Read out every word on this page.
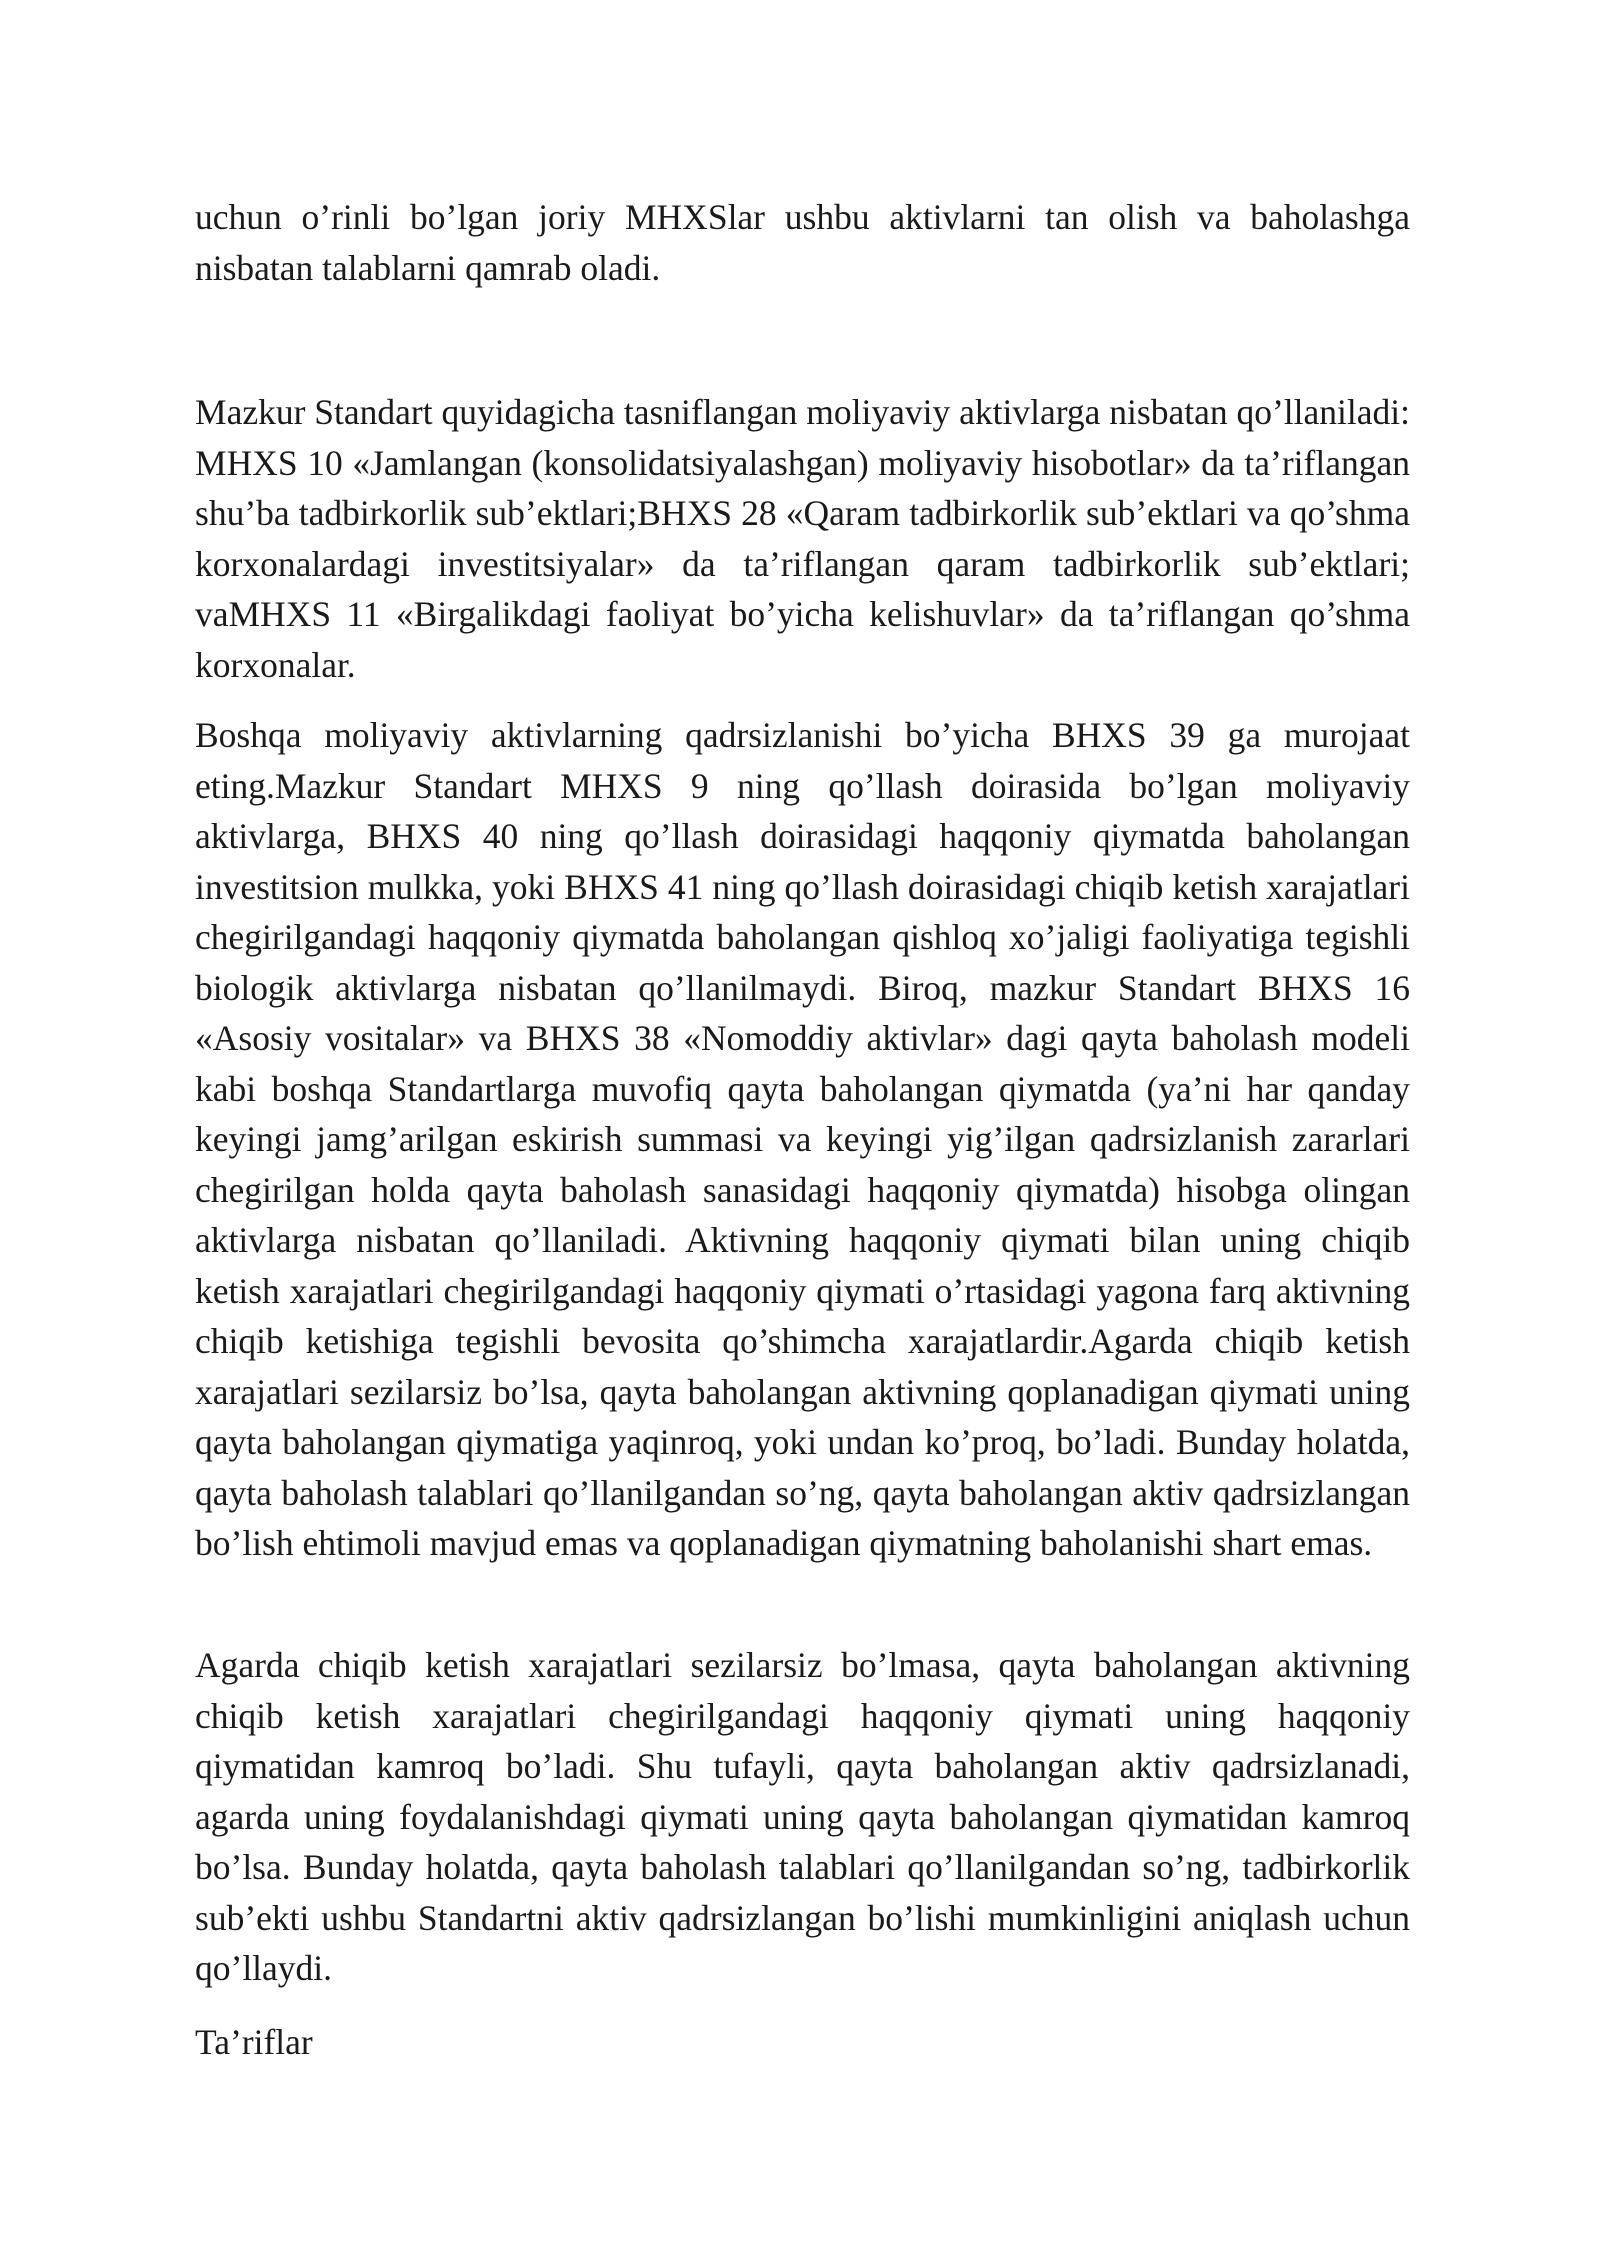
uchun o’rinli bo’lgan joriy MHXSlar ushbu aktivlarni tan olish va baholashga nisbatan talablarni qamrab oladi.

Mazkur Standart quyidagicha tasniflangan moliyaviy aktivlarga nisbatan qo’llaniladi: MHXS 10 «Jamlangan (konsolidatsiyalashgan) moliyaviy hisobotlar» da ta’riflangan shu’ba tadbirkorlik sub’ektlari;BHXS 28 «Qaram tadbirkorlik sub’ektlari va qo’shma korxonalardagi investitsiyalar» da ta’riflangan qaram tadbirkorlik sub’ektlari; vaMHXS 11 «Birgalikdagi faoliyat bo’yicha kelishuvlar» da ta’riflangan qo’shma korxonalar.

Boshqa moliyaviy aktivlarning qadrsizlanishi bo’yicha BHXS 39 ga murojaat eting.Mazkur Standart MHXS 9 ning qo’llash doirasida bo’lgan moliyaviy aktivlarga, BHXS 40 ning qo’llash doirasidagi haqqoniy qiymatda baholangan investitsion mulkka, yoki BHXS 41 ning qo’llash doirasidagi chiqib ketish xarajatlari chegirilgandagi haqqoniy qiymatda baholangan qishloq xo’jaligi faoliyatiga tegishli biologik aktivlarga nisbatan qo’llanilmaydi. Biroq, mazkur Standart BHXS 16 «Asosiy vositalar» va BHXS 38 «Nomoddiy aktivlar» dagi qayta baholash modeli kabi boshqa Standartlarga muvofiq qayta baholangan qiymatda (ya’ni har qanday keyingi jamg’arilgan eskirish summasi va keyingi yig’ilgan qadrsizlanish zararlari chegirilgan holda qayta baholash sanasidagi haqqoniy qiymatda) hisobga olingan aktivlarga nisbatan qo’llaniladi. Aktivning haqqoniy qiymati bilan uning chiqib ketish xarajatlari chegirilgandagi haqqoniy qiymati o’rtasidagi yagona farq aktivning chiqib ketishiga tegishli bevosita qo’shimcha xarajatlardir.Agarda chiqib ketish xarajatlari sezilarsiz bo’lsa, qayta baholangan aktivning qoplanadigan qiymati uning qayta baholangan qiymatiga yaqinroq, yoki undan ko’proq, bo’ladi. Bunday holatda, qayta baholash talablari qo’llanilgandan so’ng, qayta baholangan aktiv qadrsizlangan bo’lish ehtimoli mavjud emas va qoplanadigan qiymatning baholanishi shart emas.

Agarda chiqib ketish xarajatlari sezilarsiz bo’lmasa, qayta baholangan aktivning chiqib ketish xarajatlari chegirilgandagi haqqoniy qiymati uning haqqoniy qiymatidan kamroq bo’ladi. Shu tufayli, qayta baholangan aktiv qadrsizlanadi, agarda uning foydalanishdagi qiymati uning qayta baholangan qiymatidan kamroq bo’lsa. Bunday holatda, qayta baholash talablari qo’llanilgandan so’ng, tadbirkorlik sub’ekti ushbu Standartni aktiv qadrsizlangan bo’lishi mumkinligini aniqlash uchun qo’llaydi.

Ta’riflar
